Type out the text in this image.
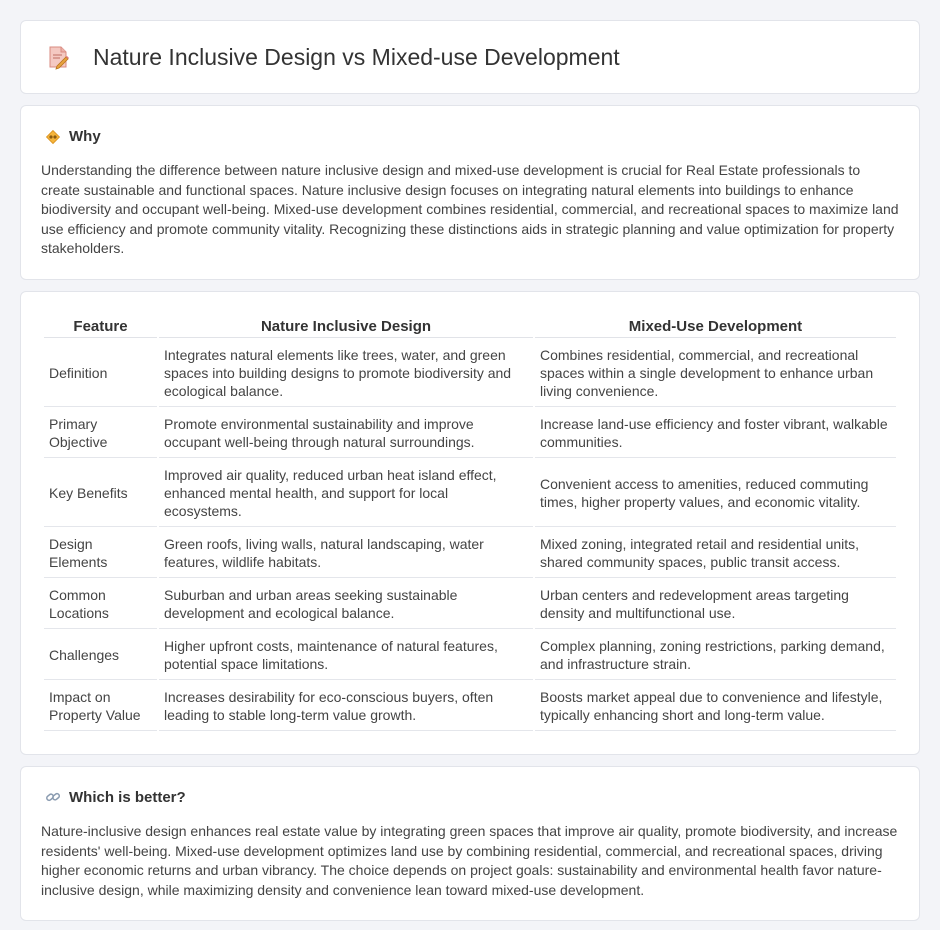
Nature Inclusive Design vs Mixed-use Development
Why

Understanding the difference between nature inclusive design and mixed-use development is crucial for Real Estate professionals to create sustainable and functional spaces. Nature inclusive design focuses on integrating natural elements into buildings to enhance biodiversity and occupant well-being. Mixed-use development combines residential, commercial, and recreational spaces to maximize land use efficiency and promote community vitality. Recognizing these distinctions aids in strategic planning and value optimization for property stakeholders.

Feature	Nature Inclusive Design	Mixed-Use Development
Definition	Integrates natural elements like trees, water, and green spaces into building designs to promote biodiversity and ecological balance.	Combines residential, commercial, and recreational spaces within a single development to enhance urban living convenience.
Primary Objective	Promote environmental sustainability and improve occupant well-being through natural surroundings.	Increase land-use efficiency and foster vibrant, walkable communities.
Key Benefits	Improved air quality, reduced urban heat island effect, enhanced mental health, and support for local ecosystems.	Convenient access to amenities, reduced commuting times, higher property values, and economic vitality.
Design Elements	Green roofs, living walls, natural landscaping, water features, wildlife habitats.	Mixed zoning, integrated retail and residential units, shared community spaces, public transit access.
Common Locations	Suburban and urban areas seeking sustainable development and ecological balance.	Urban centers and redevelopment areas targeting density and multifunctional use.
Challenges	Higher upfront costs, maintenance of natural features, potential space limitations.	Complex planning, zoning restrictions, parking demand, and infrastructure strain.
Impact on Property Value	Increases desirability for eco-conscious buyers, often leading to stable long-term value growth.	Boosts market appeal due to convenience and lifestyle, typically enhancing short and long-term value.
Which is better?

Nature-inclusive design enhances real estate value by integrating green spaces that improve air quality, promote biodiversity, and increase residents' well-being. Mixed-use development optimizes land use by combining residential, commercial, and recreational spaces, driving higher economic returns and urban vibrancy. The choice depends on project goals: sustainability and environmental health favor nature-inclusive design, while maximizing density and convenience lean toward mixed-use development.
